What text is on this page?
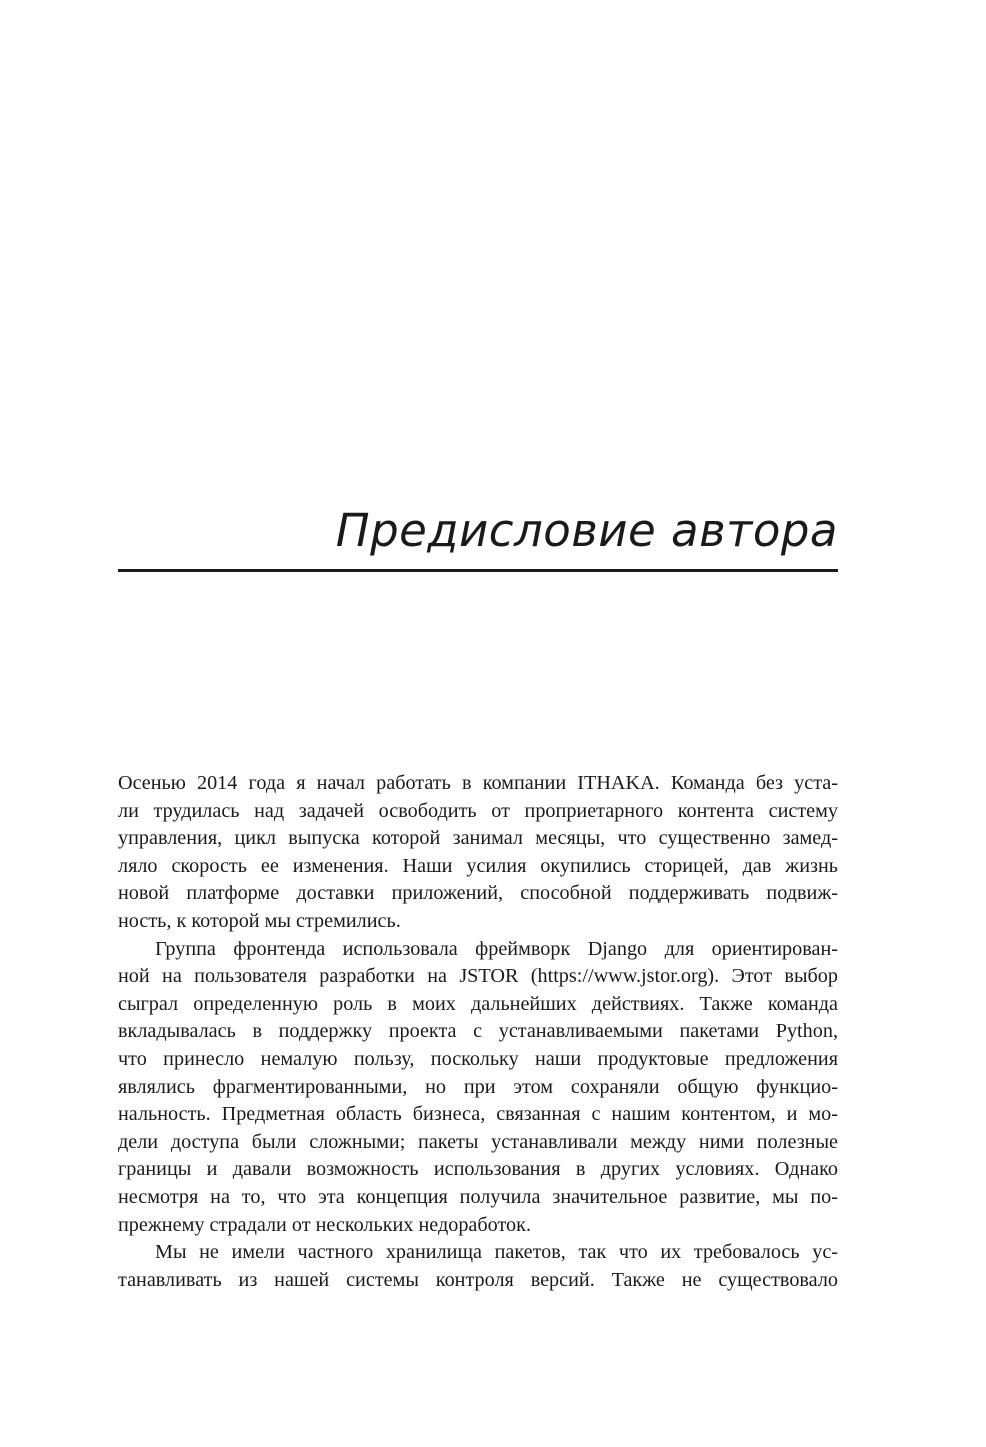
Предисловие автора

Осенью 2014 года я начал работать в компании ITHAKA. Команда без уста-
ли трудилась над задачей освободить от проприетарного контента систему
управления, цикл выпуска которой занимал месяцы, что существенно замед-
ляло скорость ее изменения. Наши усилия окупились сторицей, дав жизнь
новой платформе доставки приложений, способной поддерживать подвиж-
ность, к которой мы стремились.

Группа фронтенда использовала фреймворк Django для ориентирован-
ной на пользователя разработки на JSTOR (https://www.jstor.org). Этот выбор
сыграл определенную роль в моих дальнейших действиях. Также команда
вкладывалась в поддержку проекта с устанавливаемыми пакетами Python,
что принесло немалую пользу, поскольку наши продуктовые предложения
являлись фрагментированными, но при этом сохраняли общую функцио-
нальность. Предметная область бизнеса, связанная с нашим контентом, и мо-
дели доступа были сложными; пакеты устанавливали между ними полезные
границы и давали возможность использования в других условиях. Однако
несмотря на то, что эта концепция получила значительное развитие, мы по-
прежнему страдали от нескольких недоработок.

Мы не имели частного хранилища пакетов, так что их требовалось ус-
танавливать из нашей системы контроля версий. Также не существовало
